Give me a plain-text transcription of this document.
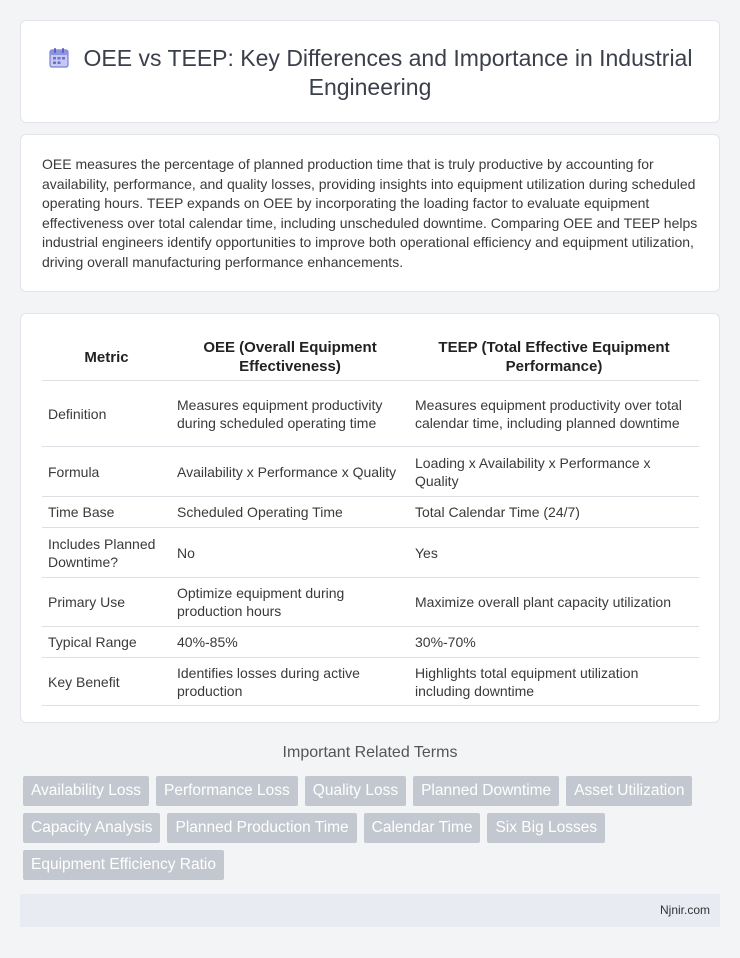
OEE vs TEEP: Key Differences and Importance in Industrial Engineering

OEE measures the percentage of planned production time that is truly productive by accounting for availability, performance, and quality losses, providing insights into equipment utilization during scheduled operating hours. TEEP expands on OEE by incorporating the loading factor to evaluate equipment effectiveness over total calendar time, including unscheduled downtime. Comparing OEE and TEEP helps industrial engineers identify opportunities to improve both operational efficiency and equipment utilization, driving overall manufacturing performance enhancements.

Metric	OEE (Overall Equipment Effectiveness)	TEEP (Total Effective Equipment Performance)
Definition	Measures equipment productivity during scheduled operating time	Measures equipment productivity over total calendar time, including planned downtime
Formula	Availability x Performance x Quality	Loading x Availability x Performance x Quality
Time Base	Scheduled Operating Time	Total Calendar Time (24/7)
Includes Planned Downtime?	No	Yes
Primary Use	Optimize equipment during production hours	Maximize overall plant capacity utilization
Typical Range	40%-85%	30%-70%
Key Benefit	Identifies losses during active production	Highlights total equipment utilization including downtime
Important Related Terms
Availability Loss	Performance Loss	Quality Loss	Planned Downtime	Asset Utilization
Capacity Analysis	Planned Production Time	Calendar Time	Six Big Losses
Equipment Efficiency Ratio
Njnir.com
